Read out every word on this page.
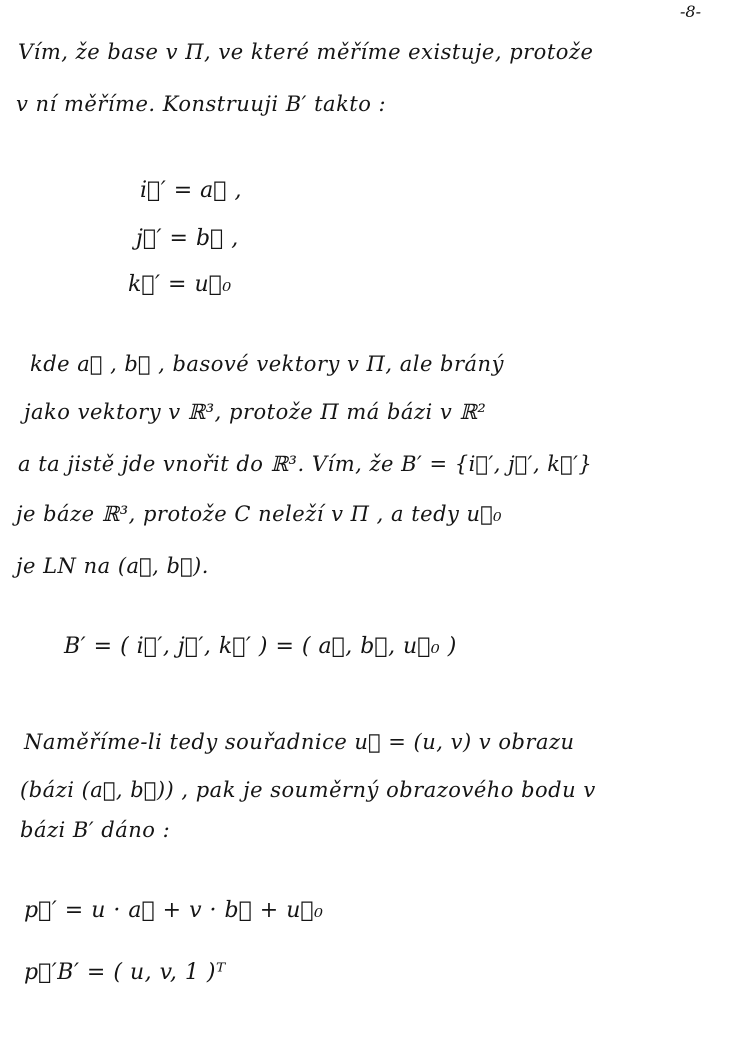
-8-
Vím, že base v Π, ve které měříme existuje, protože
v ní měříme. Konstruuji B′ takto :
i⃗′ = a⃗ ,
j⃗′ = b⃗ ,
k⃗′ = u⃗₀
kde a⃗ , b⃗ , basové vektory v Π, ale bráný
jako vektory v ℝ³, protože Π má bázi v ℝ²
a ta jistě jde vnořit do ℝ³. Vím, že B′ = {i⃗′, j⃗′, k⃗′}
je báze ℝ³, protože C neleží v Π , a tedy u⃗₀
je LN na (a⃗, b⃗).
B′ = ( i⃗′, j⃗′, k⃗′ ) = ( a⃗, b⃗, u⃗₀ )
Naměříme-li tedy souřadnice u⃗ = (u, v) v obrazu
(bázi (a⃗, b⃗)) , pak je souměrný obrazového bodu v
bázi B′ dáno :
p⃗′ = u · a⃗ + v · b⃗ + u⃗₀
p⃗′B′ = ( u, v, 1 )ᵀ
